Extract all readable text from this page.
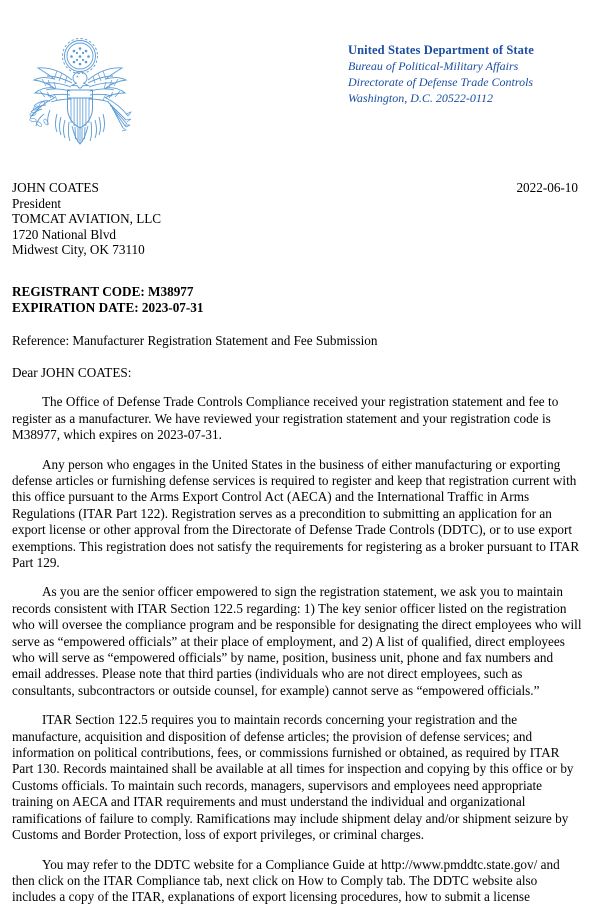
United States Department of State
Bureau of Political-Military Affairs
Directorate of Defense Trade Controls
Washington, D.C. 20522-0112
JOHN COATES
President
TOMCAT AVIATION, LLC
1720 National Blvd
Midwest City, OK 73110
2022-06-10
REGISTRANT CODE: M38977
EXPIRATION DATE: 2023-07-31
Reference: Manufacturer Registration Statement and Fee Submission
Dear JOHN COATES:

The Office of Defense Trade Controls Compliance received your registration statement and fee to register as a manufacturer. We have reviewed your registration statement and your registration code is M38977, which expires on 2023-07-31.

Any person who engages in the United States in the business of either manufacturing or exporting defense articles or furnishing defense services is required to register and keep that registration current with this office pursuant to the Arms Export Control Act (AECA) and the International Traffic in Arms Regulations (ITAR Part 122). Registration serves as a precondition to submitting an application for an export license or other approval from the Directorate of Defense Trade Controls (DDTC), or to use export exemptions. This registration does not satisfy the requirements for registering as a broker pursuant to ITAR Part 129.

As you are the senior officer empowered to sign the registration statement, we ask you to maintain records consistent with ITAR Section 122.5 regarding: 1) The key senior officer listed on the registration who will oversee the compliance program and be responsible for designating the direct employees who will serve as “empowered officials” at their place of employment, and 2) A list of qualified, direct employees who will serve as “empowered officials” by name, position, business unit, phone and fax numbers and email addresses. Please note that third parties (individuals who are not direct employees, such as consultants, subcontractors or outside counsel, for example) cannot serve as “empowered officials.”

ITAR Section 122.5 requires you to maintain records concerning your registration and the manufacture, acquisition and disposition of defense articles; the provision of defense services; and information on political contributions, fees, or commissions furnished or obtained, as required by ITAR Part 130. Records maintained shall be available at all times for inspection and copying by this office or by Customs officials. To maintain such records, managers, supervisors and employees need appropriate training on AECA and ITAR requirements and must understand the individual and organizational ramifications of failure to comply. Ramifications may include shipment delay and/or shipment seizure by Customs and Border Protection, loss of export privileges, or criminal charges.

You may refer to the DDTC website for a Compliance Guide at http://www.pmddtc.state.gov/ and then click on the ITAR Compliance tab, next click on How to Comply tab. The DDTC website also includes a copy of the ITAR, explanations of export licensing procedures, how to submit a license
